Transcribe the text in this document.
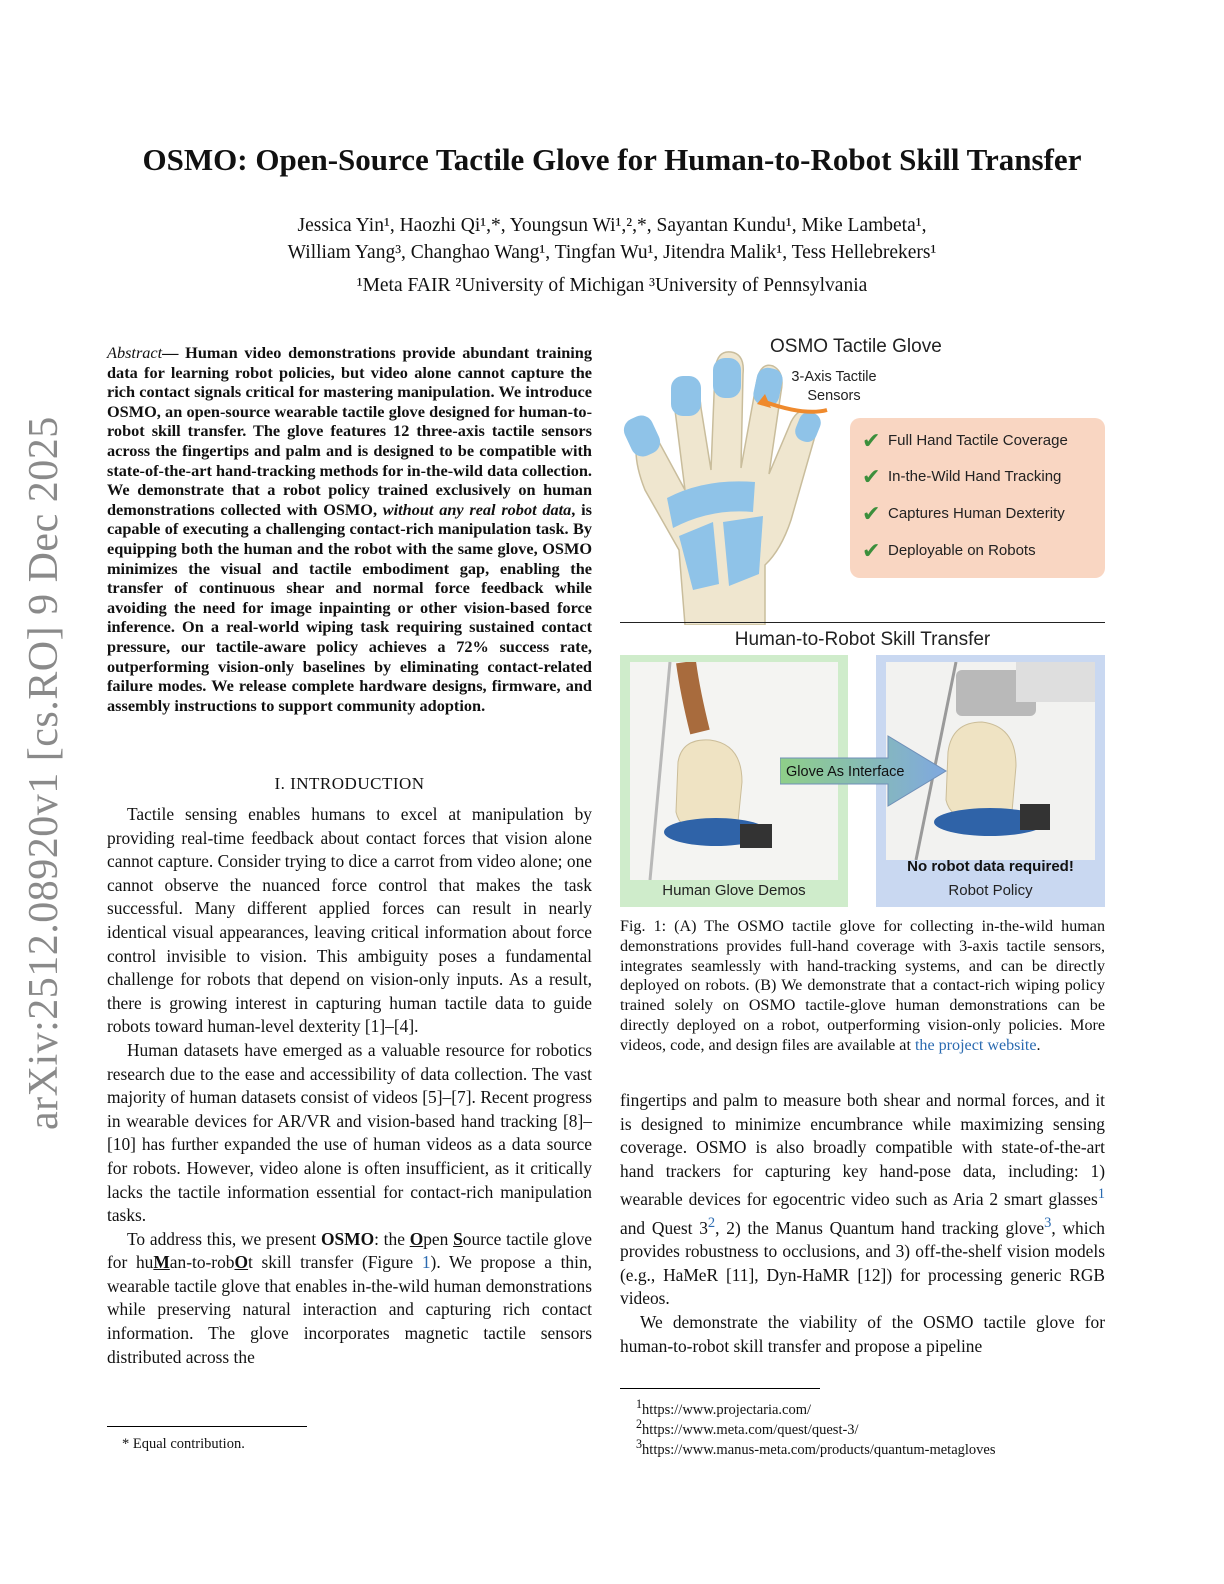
arXiv:2512.08920v1 [cs.RO] 9 Dec 2025
OSMO: Open-Source Tactile Glove for Human-to-Robot Skill Transfer
Jessica Yin¹, Haozhi Qi¹,*, Youngsun Wi¹,²,*, Sayantan Kundu¹, Mike Lambeta¹,
William Yang³, Changhao Wang¹, Tingfan Wu¹, Jitendra Malik¹, Tess Hellebrekers¹
¹Meta FAIR ²University of Michigan ³University of Pennsylvania
Abstract— Human video demonstrations provide abundant training data for learning robot policies, but video alone cannot capture the rich contact signals critical for mastering manipulation. We introduce OSMO, an open-source wearable tactile glove designed for human-to-robot skill transfer. The glove features 12 three-axis tactile sensors across the fingertips and palm and is designed to be compatible with state-of-the-art hand-tracking methods for in-the-wild data collection. We demonstrate that a robot policy trained exclusively on human demonstrations collected with OSMO, without any real robot data, is capable of executing a challenging contact-rich manipulation task. By equipping both the human and the robot with the same glove, OSMO minimizes the visual and tactile embodiment gap, enabling the transfer of continuous shear and normal force feedback while avoiding the need for image inpainting or other vision-based force inference. On a real-world wiping task requiring sustained contact pressure, our tactile-aware policy achieves a 72% success rate, outperforming vision-only baselines by eliminating contact-related failure modes. We release complete hardware designs, firmware, and assembly instructions to support community adoption.
I. INTRODUCTION

Tactile sensing enables humans to excel at manipulation by providing real-time feedback about contact forces that vision alone cannot capture. Consider trying to dice a carrot from video alone; one cannot observe the nuanced force control that makes the task successful. Many different applied forces can result in nearly identical visual appearances, leaving critical information about force control invisible to vision. This ambiguity poses a fundamental challenge for robots that depend on vision-only inputs. As a result, there is growing interest in capturing human tactile data to guide robots toward human-level dexterity [1]–[4].

Human datasets have emerged as a valuable resource for robotics research due to the ease and accessibility of data collection. The vast majority of human datasets consist of videos [5]–[7]. Recent progress in wearable devices for AR/VR and vision-based hand tracking [8]–[10] has further expanded the use of human videos as a data source for robots. However, video alone is often insufficient, as it critically lacks the tactile information essential for contact-rich manipulation tasks.

To address this, we present OSMO: the Open Source tactile glove for huMan-to-robOt skill transfer (Figure 1). We propose a thin, wearable tactile glove that enables in-the-wild human demonstrations while preserving natural interaction and capturing rich contact information. The glove incorporates magnetic tactile sensors distributed across the

* Equal contribution.
OSMO Tactile Glove
3-Axis Tactile
Sensors
✔ Full Hand Tactile Coverage
✔ In-the-Wild Hand Tracking
✔ Captures Human Dexterity
✔ Deployable on Robots
Human-to-Robot Skill Transfer
Human Glove Demos
No robot data required!
Robot Policy
Glove As Interface
Fig. 1: (A) The OSMO tactile glove for collecting in-the-wild human demonstrations provides full-hand coverage with 3-axis tactile sensors, integrates seamlessly with hand-tracking systems, and can be directly deployed on robots. (B) We demonstrate that a contact-rich wiping policy trained solely on OSMO tactile-glove human demonstrations can be directly deployed on a robot, outperforming vision-only policies. More videos, code, and design files are available at the project website.

fingertips and palm to measure both shear and normal forces, and it is designed to minimize encumbrance while maximizing sensing coverage. OSMO is also broadly compatible with state-of-the-art hand trackers for capturing key hand-pose data, including: 1) wearable devices for egocentric video such as Aria 2 smart glasses$^1$ and Quest $3^2$, 2) the Manus Quantum hand tracking glove$^3$, which provides robustness to occlusions, and 3) off-the-shelf vision models (e.g., HaMeR [11], Dyn-HaMR [12]) for processing generic RGB videos.

We demonstrate the viability of the OSMO tactile glove for human-to-robot skill transfer and propose a pipeline

$^1$https://www.projectaria.com/
$^2$https://www.meta.com/quest/quest-3/
$^3$https://www.manus-meta.com/products/quantum-metagloves
